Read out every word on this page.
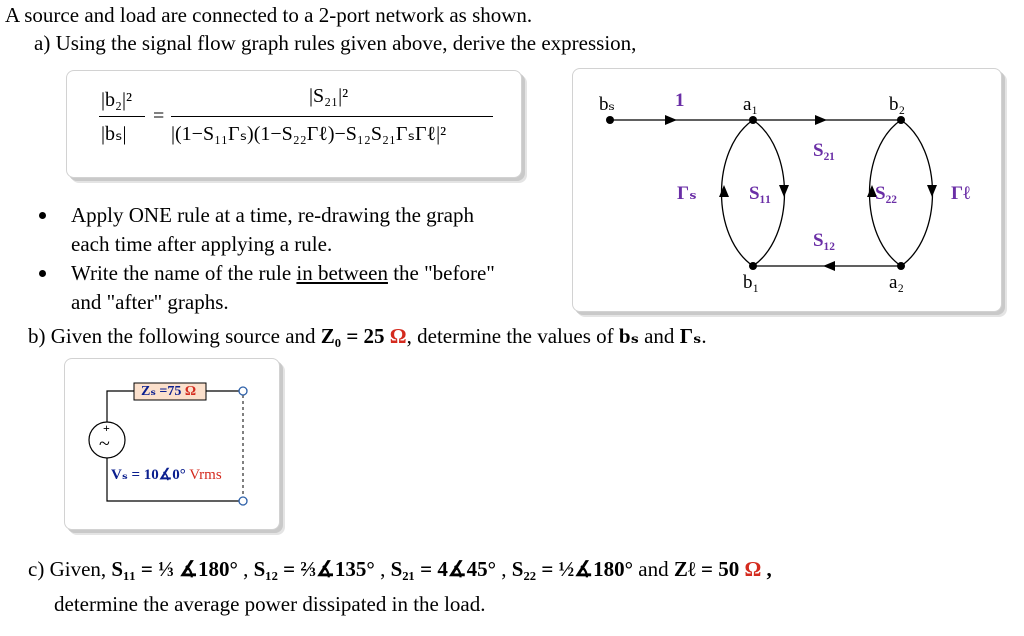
A source and load are connected to a 2-port network as shown.
a) Using the signal flow graph rules given above, derive the expression,
|b₂|²
|bₛ|
=
|S₂₁|²
|(1−S₁₁Γₛ)(1−S₂₂Γℓ)−S₁₂S₂₁ΓₛΓℓ|²
bₛ	1	a₁	b₂
S₂₁
Γₛ	S₁₁	S₂₂	Γℓ
S₁₂
b₁	a₂
Apply ONE rule at a time, re-drawing the graph
each time after applying a rule.
Write the name of the rule in between the "before"
and "after" graphs.
b) Given the following source and Z₀ = 25 Ω, determine the values of bₛ and Γₛ.
+
~
Zₛ =75 Ω
Vₛ = 10∡0° Vrms
c) Given, S₁₁ = ⅓ ∡180° , S₁₂ = ⅔∡135° , S₂₁ = 4∡45° , S₂₂ = ½∡180° and Zℓ = 50 Ω ,
determine the average power dissipated in the load.
